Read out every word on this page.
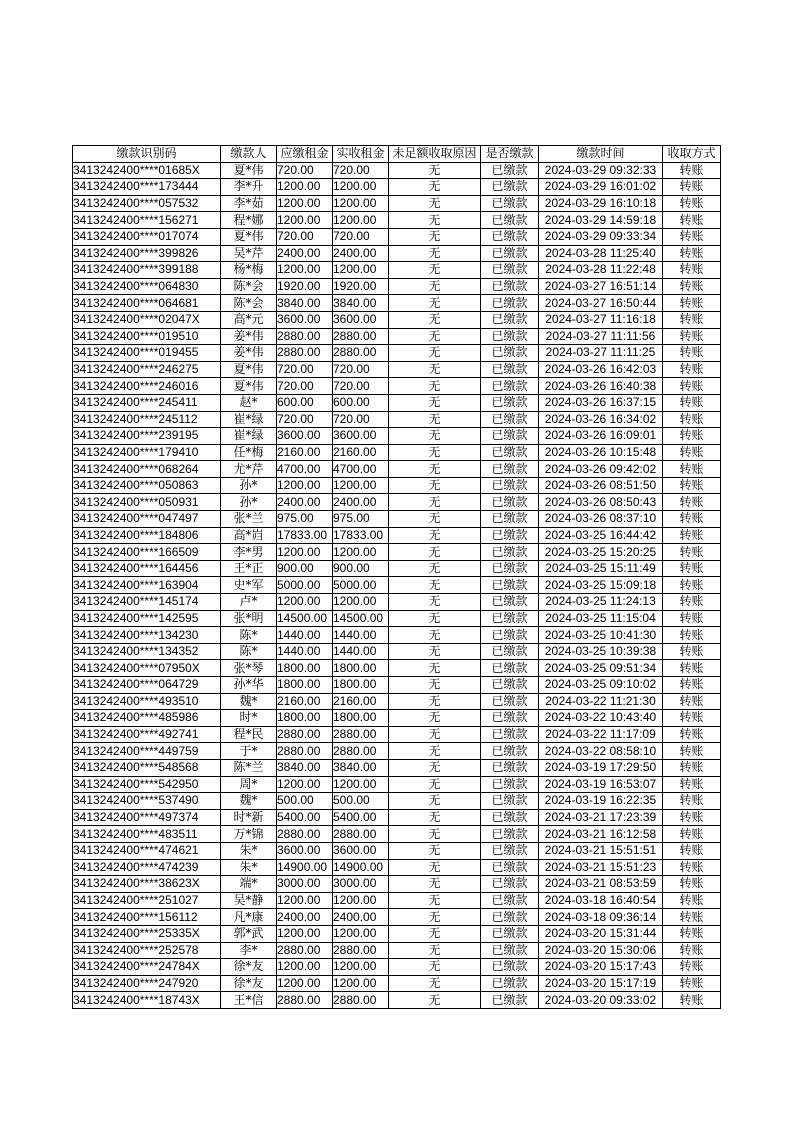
缴款识别码	缴款人	应缴租金	实收租金	未足额收取原因	是否缴款	缴款时间	收取方式
3413242400****01685X	夏*伟	720.00	720.00	无	已缴款	2024-03-29 09:32:33	转账
3413242400****173444	李*升	1200.00	1200.00	无	已缴款	2024-03-29 16:01:02	转账
3413242400****057532	李*茹	1200.00	1200.00	无	已缴款	2024-03-29 16:10:18	转账
3413242400****156271	程*娜	1200.00	1200.00	无	已缴款	2024-03-29 14:59:18	转账
3413242400****017074	夏*伟	720.00	720.00	无	已缴款	2024-03-29 09:33:34	转账
3413242400****399826	吴*芹	2400.00	2400.00	无	已缴款	2024-03-28 11:25:40	转账
3413242400****399188	杨*梅	1200.00	1200.00	无	已缴款	2024-03-28 11:22:48	转账
3413242400****064830	陈*会	1920.00	1920.00	无	已缴款	2024-03-27 16:51:14	转账
3413242400****064681	陈*会	3840.00	3840.00	无	已缴款	2024-03-27 16:50:44	转账
3413242400****02047X	高*元	3600.00	3600.00	无	已缴款	2024-03-27 11:16:18	转账
3413242400****019510	姜*伟	2880.00	2880.00	无	已缴款	2024-03-27 11:11:56	转账
3413242400****019455	姜*伟	2880.00	2880.00	无	已缴款	2024-03-27 11:11:25	转账
3413242400****246275	夏*伟	720.00	720.00	无	已缴款	2024-03-26 16:42:03	转账
3413242400****246016	夏*伟	720.00	720.00	无	已缴款	2024-03-26 16:40:38	转账
3413242400****245411	赵*	600.00	600.00	无	已缴款	2024-03-26 16:37:15	转账
3413242400****245112	崔*绿	720.00	720.00	无	已缴款	2024-03-26 16:34:02	转账
3413242400****239195	崔*绿	3600.00	3600.00	无	已缴款	2024-03-26 16:09:01	转账
3413242400****179410	任*梅	2160.00	2160.00	无	已缴款	2024-03-26 10:15:48	转账
3413242400****068264	尤*芹	4700.00	4700.00	无	已缴款	2024-03-26 09:42:02	转账
3413242400****050863	孙*	1200.00	1200.00	无	已缴款	2024-03-26 08:51:50	转账
3413242400****050931	孙*	2400.00	2400.00	无	已缴款	2024-03-26 08:50:43	转账
3413242400****047497	张*兰	975.00	975.00	无	已缴款	2024-03-26 08:37:10	转账
3413242400****184806	高*岿	17833.00	17833.00	无	已缴款	2024-03-25 16:44:42	转账
3413242400****166509	李*男	1200.00	1200.00	无	已缴款	2024-03-25 15:20:25	转账
3413242400****164456	王*正	900.00	900.00	无	已缴款	2024-03-25 15:11:49	转账
3413242400****163904	史*军	5000.00	5000.00	无	已缴款	2024-03-25 15:09:18	转账
3413242400****145174	卢*	1200.00	1200.00	无	已缴款	2024-03-25 11:24:13	转账
3413242400****142595	张*明	14500.00	14500.00	无	已缴款	2024-03-25 11:15:04	转账
3413242400****134230	陈*	1440.00	1440.00	无	已缴款	2024-03-25 10:41:30	转账
3413242400****134352	陈*	1440.00	1440.00	无	已缴款	2024-03-25 10:39:38	转账
3413242400****07950X	张*琴	1800.00	1800.00	无	已缴款	2024-03-25 09:51:34	转账
3413242400****064729	孙*华	1800.00	1800.00	无	已缴款	2024-03-25 09:10:02	转账
3413242400****493510	魏*	2160.00	2160.00	无	已缴款	2024-03-22 11:21:30	转账
3413242400****485986	时*	1800.00	1800.00	无	已缴款	2024-03-22 10:43:40	转账
3413242400****492741	程*民	2880.00	2880.00	无	已缴款	2024-03-22 11:17:09	转账
3413242400****449759	于*	2880.00	2880.00	无	已缴款	2024-03-22 08:58:10	转账
3413242400****548568	陈*兰	3840.00	3840.00	无	已缴款	2024-03-19 17:29:50	转账
3413242400****542950	周*	1200.00	1200.00	无	已缴款	2024-03-19 16:53:07	转账
3413242400****537490	魏*	500.00	500.00	无	已缴款	2024-03-19 16:22:35	转账
3413242400****497374	时*新	5400.00	5400.00	无	已缴款	2024-03-21 17:23:39	转账
3413242400****483511	万*锦	2880.00	2880.00	无	已缴款	2024-03-21 16:12:58	转账
3413242400****474621	朱*	3600.00	3600.00	无	已缴款	2024-03-21 15:51:51	转账
3413242400****474239	朱*	14900.00	14900.00	无	已缴款	2024-03-21 15:51:23	转账
3413242400****38623X	端*	3000.00	3000.00	无	已缴款	2024-03-21 08:53:59	转账
3413242400****251027	吴*静	1200.00	1200.00	无	已缴款	2024-03-18 16:40:54	转账
3413242400****156112	凡*康	2400.00	2400.00	无	已缴款	2024-03-18 09:36:14	转账
3413242400****25335X	郭*武	1200.00	1200.00	无	已缴款	2024-03-20 15:31:44	转账
3413242400****252578	李*	2880.00	2880.00	无	已缴款	2024-03-20 15:30:06	转账
3413242400****24784X	徐*友	1200.00	1200.00	无	已缴款	2024-03-20 15:17:43	转账
3413242400****247920	徐*友	1200.00	1200.00	无	已缴款	2024-03-20 15:17:19	转账
3413242400****18743X	王*信	2880.00	2880.00	无	已缴款	2024-03-20 09:33:02	转账
